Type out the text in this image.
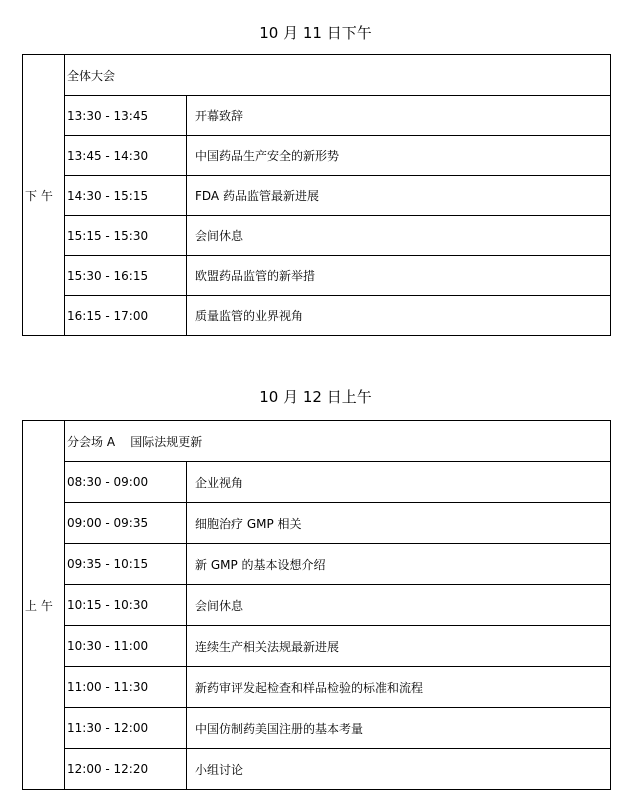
10 月 11 日下午
下 午	全体大会	
	13:30 - 13:45	开幕致辞
	13:45 - 14:30	中国药品生产安全的新形势
	14:30 - 15:15	FDA 药品监管最新进展
	15:15 - 15:30	会间休息
	15:30 - 16:15	欧盟药品监管的新举措
	16:15 - 17:00	质量监管的业界视角
10 月 12 日上午
上 午	分会场 A    国际法规更新	
	08:30 - 09:00	企业视角
	09:00 - 09:35	细胞治疗 GMP 相关
	09:35 - 10:15	新 GMP 的基本设想介绍
	10:15 - 10:30	会间休息
	10:30 - 11:00	连续生产相关法规最新进展
	11:00 - 11:30	新药审评发起检查和样品检验的标准和流程
	11:30 - 12:00	中国仿制药美国注册的基本考量
	12:00 - 12:20	小组讨论
